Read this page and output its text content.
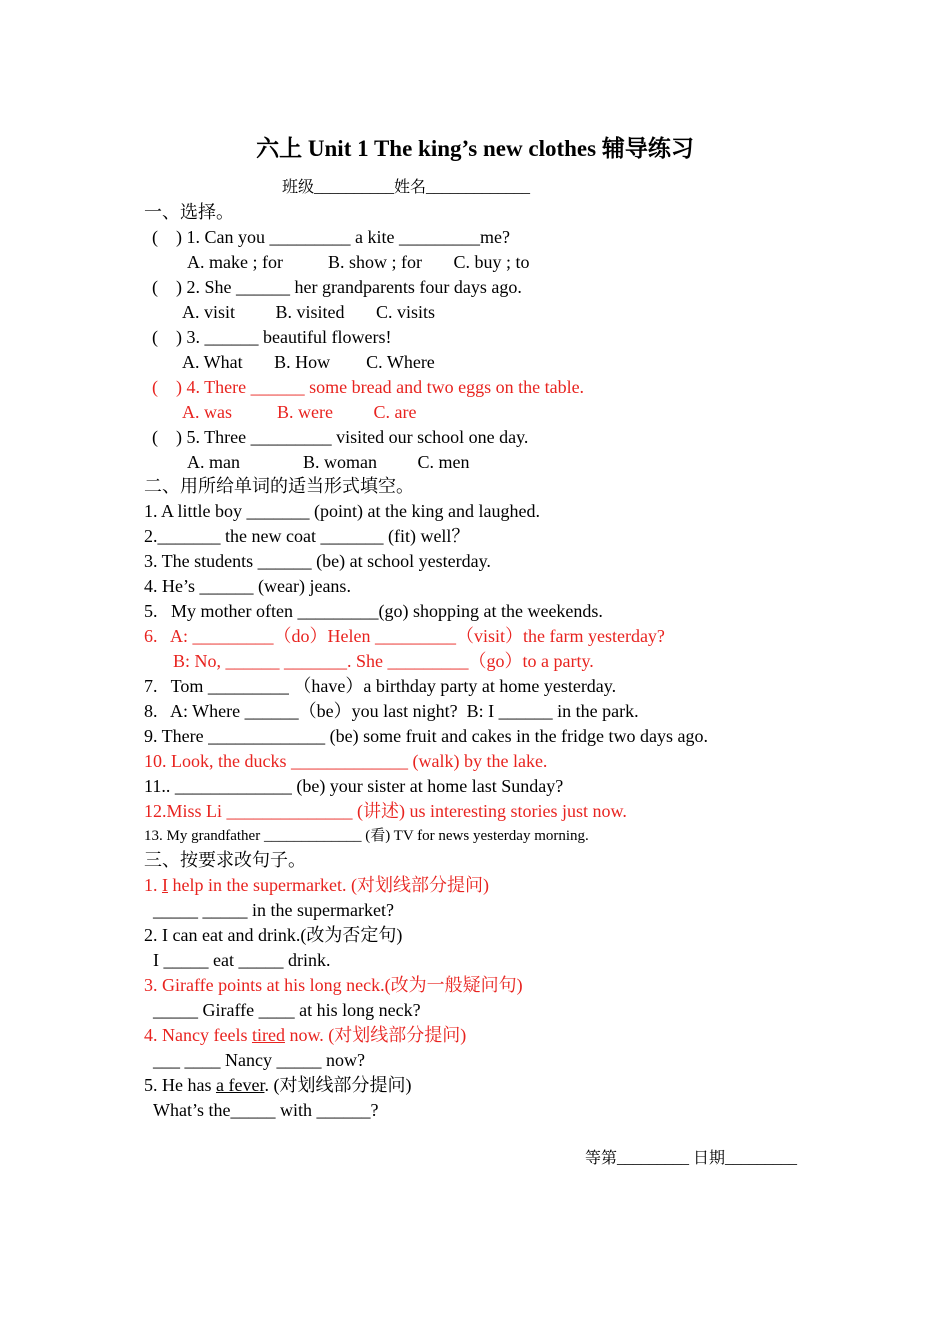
六上 Unit 1 The king’s new clothes 辅导练习
班级__________姓名_____________
一、选择。
(    ) 1. Can you _________ a kite _________me?
A. make ; for          B. show ; for       C. buy ; to
(    ) 2. She ______ her grandparents four days ago.
A. visit         B. visited       C. visits
(    ) 3. ______ beautiful flowers!
A. What       B. How        C. Where
(    ) 4. There ______ some bread and two eggs on the table.
A. was          B. were         C. are
(    ) 5. Three _________ visited our school one day.
A. man              B. woman         C. men
二、用所给单词的适当形式填空。
1. A little boy _______ (point) at the king and laughed.
2._______ the new coat _______ (fit) well？
3. The students ______ (be) at school yesterday.
4. He’s ______ (wear) jeans.
5.   My mother often _________(go) shopping at the weekends.
6.   A: _________（do）Helen _________（visit）the farm yesterday?
B: No, ______ _______. She _________（go）to a party.
7.   Tom _________ （have）a birthday party at home yesterday.
8.   A: Where ______（be）you last night?  B: I ______ in the park.
9. There _____________ (be) some fruit and cakes in the fridge two days ago.
10. Look, the ducks _____________ (walk) by the lake.
11.. _____________ (be) your sister at home last Sunday?
12.Miss Li ______________ (讲述) us interesting stories just now.
13. My grandfather _____________ (看) TV for news yesterday morning.
三、按要求改句子。
1. I help in the supermarket. (对划线部分提问)
_____ _____ in the supermarket?
2. I can eat and drink.(改为否定句)
I _____ eat _____ drink.
3. Giraffe points at his long neck.(改为一般疑问句)
_____ Giraffe ____ at his long neck?
4. Nancy feels tired now. (对划线部分提问)
___ ____ Nancy _____ now?
5. He has a fever. (对划线部分提问)
What’s the_____ with ______?
等第_________ 日期_________
